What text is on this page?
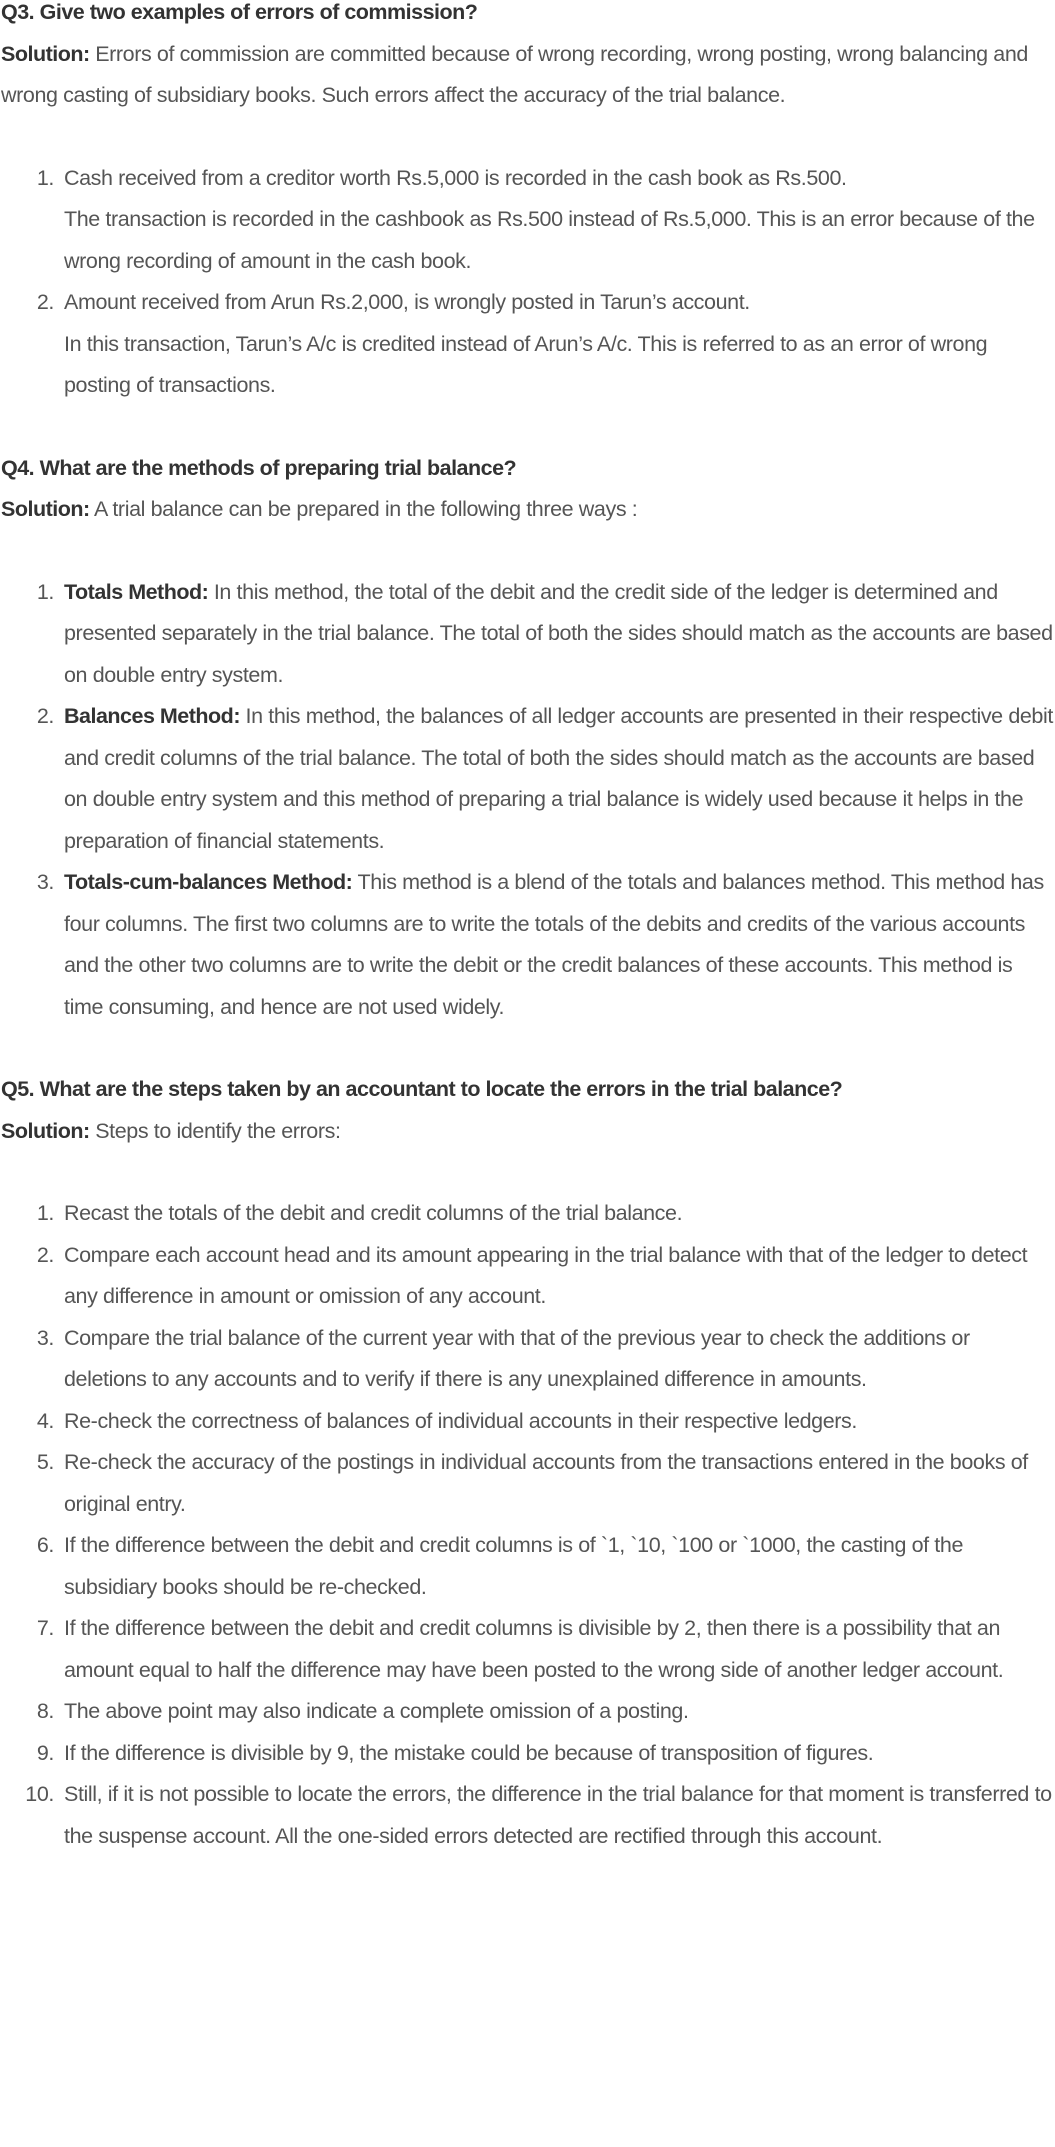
Q3. Give two examples of errors of commission?

Solution: Errors of commission are committed because of wrong recording, wrong posting, wrong balancing and wrong casting of subsidiary books. Such errors affect the accuracy of the trial balance.

1. Cash received from a creditor worth Rs.5,000 is recorded in the cash book as Rs.500.
The transaction is recorded in the cashbook as Rs.500 instead of Rs.5,000. This is an error because of the wrong recording of amount in the cash book.
2. Amount received from Arun Rs.2,000, is wrongly posted in Tarun’s account.
In this transaction, Tarun’s A/c is credited instead of Arun’s A/c. This is referred to as an error of wrong posting of transactions.

Q4. What are the methods of preparing trial balance?

Solution: A trial balance can be prepared in the following three ways :

1. Totals Method: In this method, the total of the debit and the credit side of the ledger is determined and presented separately in the trial balance. The total of both the sides should match as the accounts are based on double entry system.
2. Balances Method: In this method, the balances of all ledger accounts are presented in their respective debit and credit columns of the trial balance. The total of both the sides should match as the accounts are based on double entry system and this method of preparing a trial balance is widely used because it helps in the preparation of financial statements.
3. Totals-cum-balances Method: This method is a blend of the totals and balances method. This method has four columns. The first two columns are to write the totals of the debits and credits of the various accounts and the other two columns are to write the debit or the credit balances of these accounts. This method is time consuming, and hence are not used widely.

Q5. What are the steps taken by an accountant to locate the errors in the trial balance?

Solution: Steps to identify the errors:

1. Recast the totals of the debit and credit columns of the trial balance.
2. Compare each account head and its amount appearing in the trial balance with that of the ledger to detect any difference in amount or omission of any account.
3. Compare the trial balance of the current year with that of the previous year to check the additions or deletions to any accounts and to verify if there is any unexplained difference in amounts.
4. Re-check the correctness of balances of individual accounts in their respective ledgers.
5. Re-check the accuracy of the postings in individual accounts from the transactions entered in the books of original entry.
6. If the difference between the debit and credit columns is of `1, `10, `100 or `1000, the casting of the subsidiary books should be re-checked.
7. If the difference between the debit and credit columns is divisible by 2, then there is a possibility that an amount equal to half the difference may have been posted to the wrong side of another ledger account.
8. The above point may also indicate a complete omission of a posting.
9. If the difference is divisible by 9, the mistake could be because of transposition of figures.
10. Still, if it is not possible to locate the errors, the difference in the trial balance for that moment is transferred to the suspense account. All the one-sided errors detected are rectified through this account.
